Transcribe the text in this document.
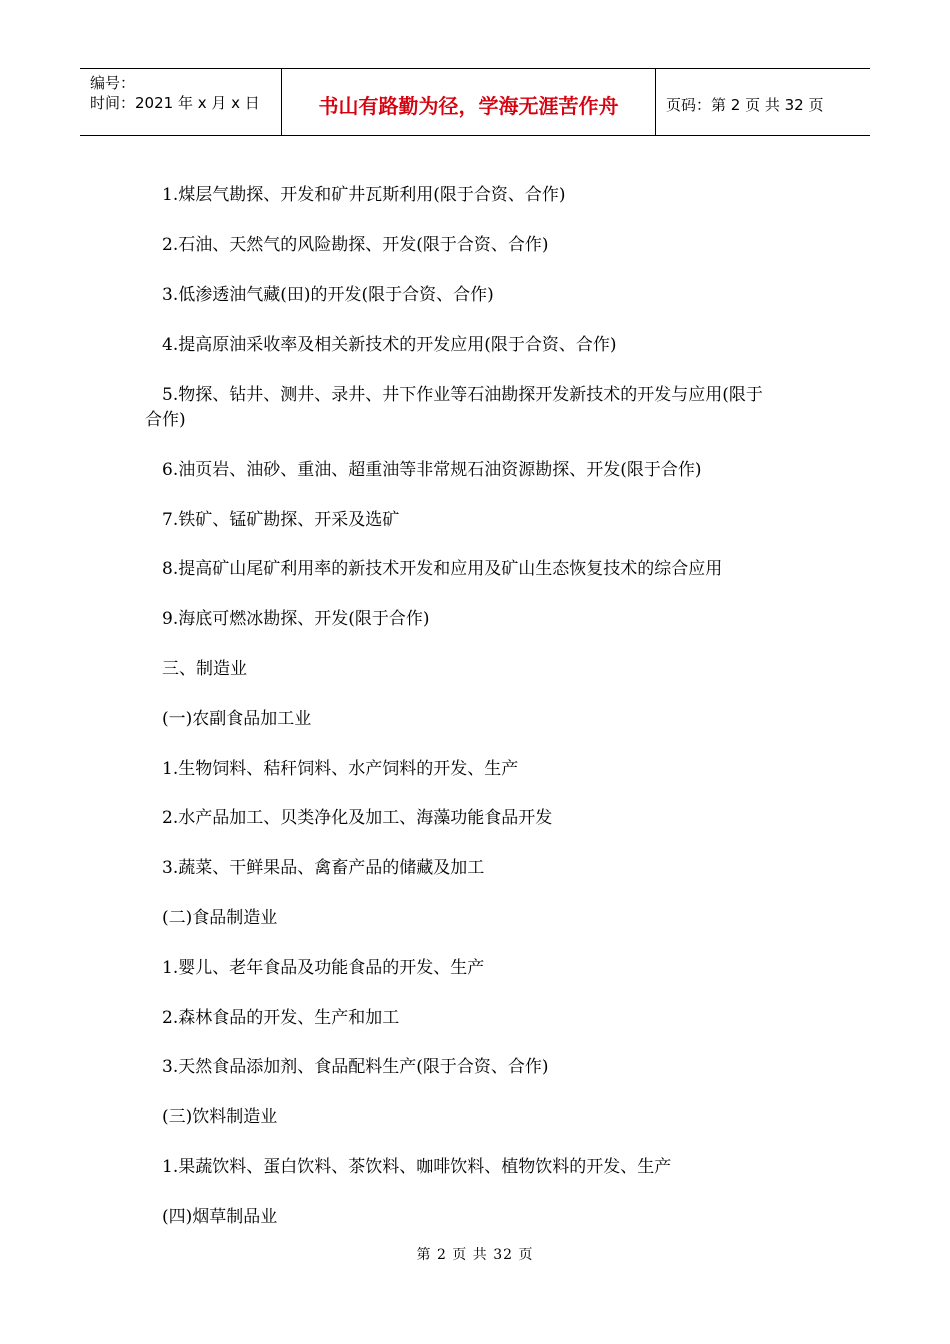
编号：
时间：2021 年 x 月 x 日	书山有路勤为径，学海无涯苦作舟	页码：第 2 页 共 32 页
1.煤层气勘探、开发和矿井瓦斯利用(限于合资、合作)
2.石油、天然气的风险勘探、开发(限于合资、合作)
3.低渗透油气藏(田)的开发(限于合资、合作)
4.提高原油采收率及相关新技术的开发应用(限于合资、合作)
5.物探、钻井、测井、录井、井下作业等石油勘探开发新技术的开发与应用(限于
合作)
6.油页岩、油砂、重油、超重油等非常规石油资源勘探、开发(限于合作)
7.铁矿、锰矿勘探、开采及选矿
8.提高矿山尾矿利用率的新技术开发和应用及矿山生态恢复技术的综合应用
9.海底可燃冰勘探、开发(限于合作)
三、制造业
(一)农副食品加工业
1.生物饲料、秸秆饲料、水产饲料的开发、生产
2.水产品加工、贝类净化及加工、海藻功能食品开发
3.蔬菜、干鲜果品、禽畜产品的储藏及加工
(二)食品制造业
1.婴儿、老年食品及功能食品的开发、生产
2.森林食品的开发、生产和加工
3.天然食品添加剂、食品配料生产(限于合资、合作)
(三)饮料制造业
1.果蔬饮料、蛋白饮料、茶饮料、咖啡饮料、植物饮料的开发、生产
(四)烟草制品业
第 2 页 共 32 页
